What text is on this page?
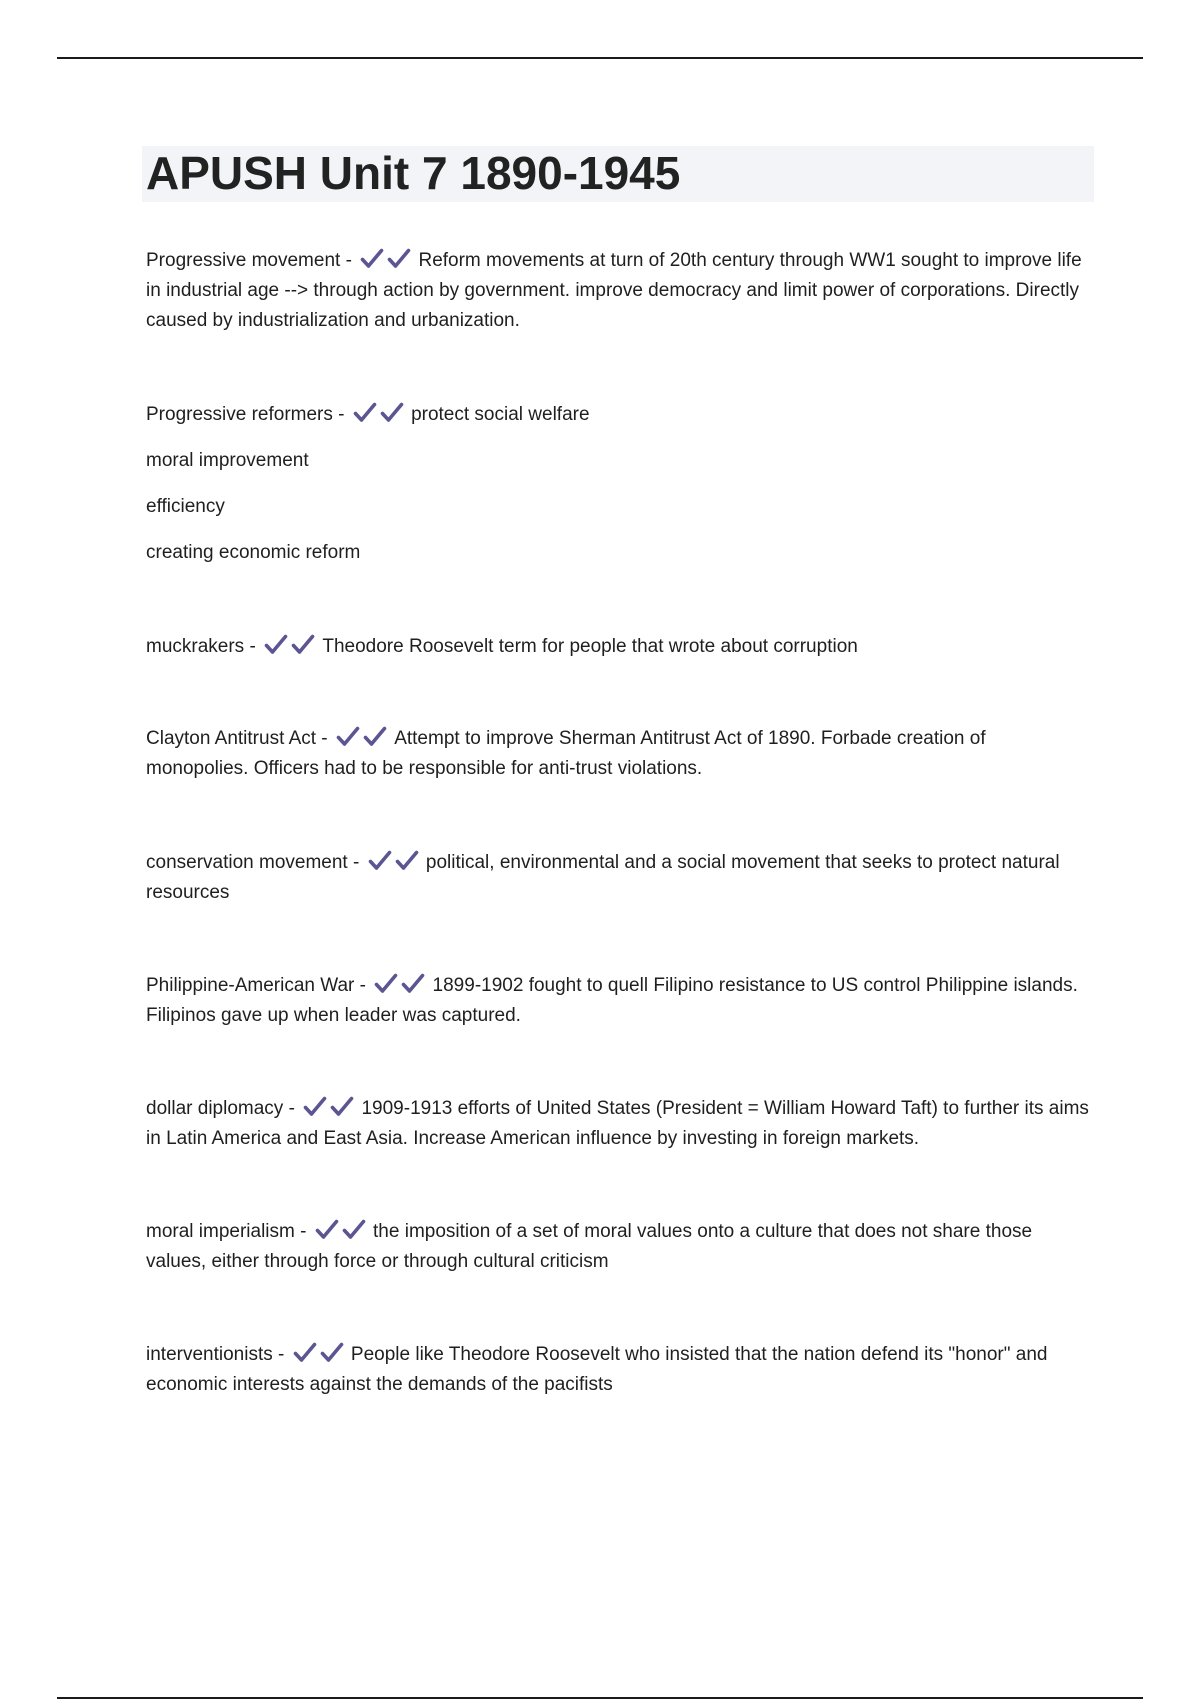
APUSH Unit 7 1890-1945

Progressive movement -	Reform movements at turn of 20th century through WW1 sought to improve life in industrial age --> through action by government. improve democracy and limit power of corporations. Directly caused by industrialization and urbanization.

Progressive reformers -	protect social welfare

moral improvement

efficiency

creating economic reform

muckrakers -	Theodore Roosevelt term for people that wrote about corruption

Clayton Antitrust Act -	Attempt to improve Sherman Antitrust Act of 1890. Forbade creation of monopolies. Officers had to be responsible for anti-trust violations.

conservation movement -	political, environmental and a social movement that seeks to protect natural resources

Philippine-American War -	1899-1902 fought to quell Filipino resistance to US control Philippine islands. Filipinos gave up when leader was captured.

dollar diplomacy -	1909-1913 efforts of United States (President = William Howard Taft) to further its aims in Latin America and East Asia. Increase American influence by investing in foreign markets.

moral imperialism -	the imposition of a set of moral values onto a culture that does not share those values, either through force or through cultural criticism

interventionists -	People like Theodore Roosevelt who insisted that the nation defend its "honor" and economic interests against the demands of the pacifists
